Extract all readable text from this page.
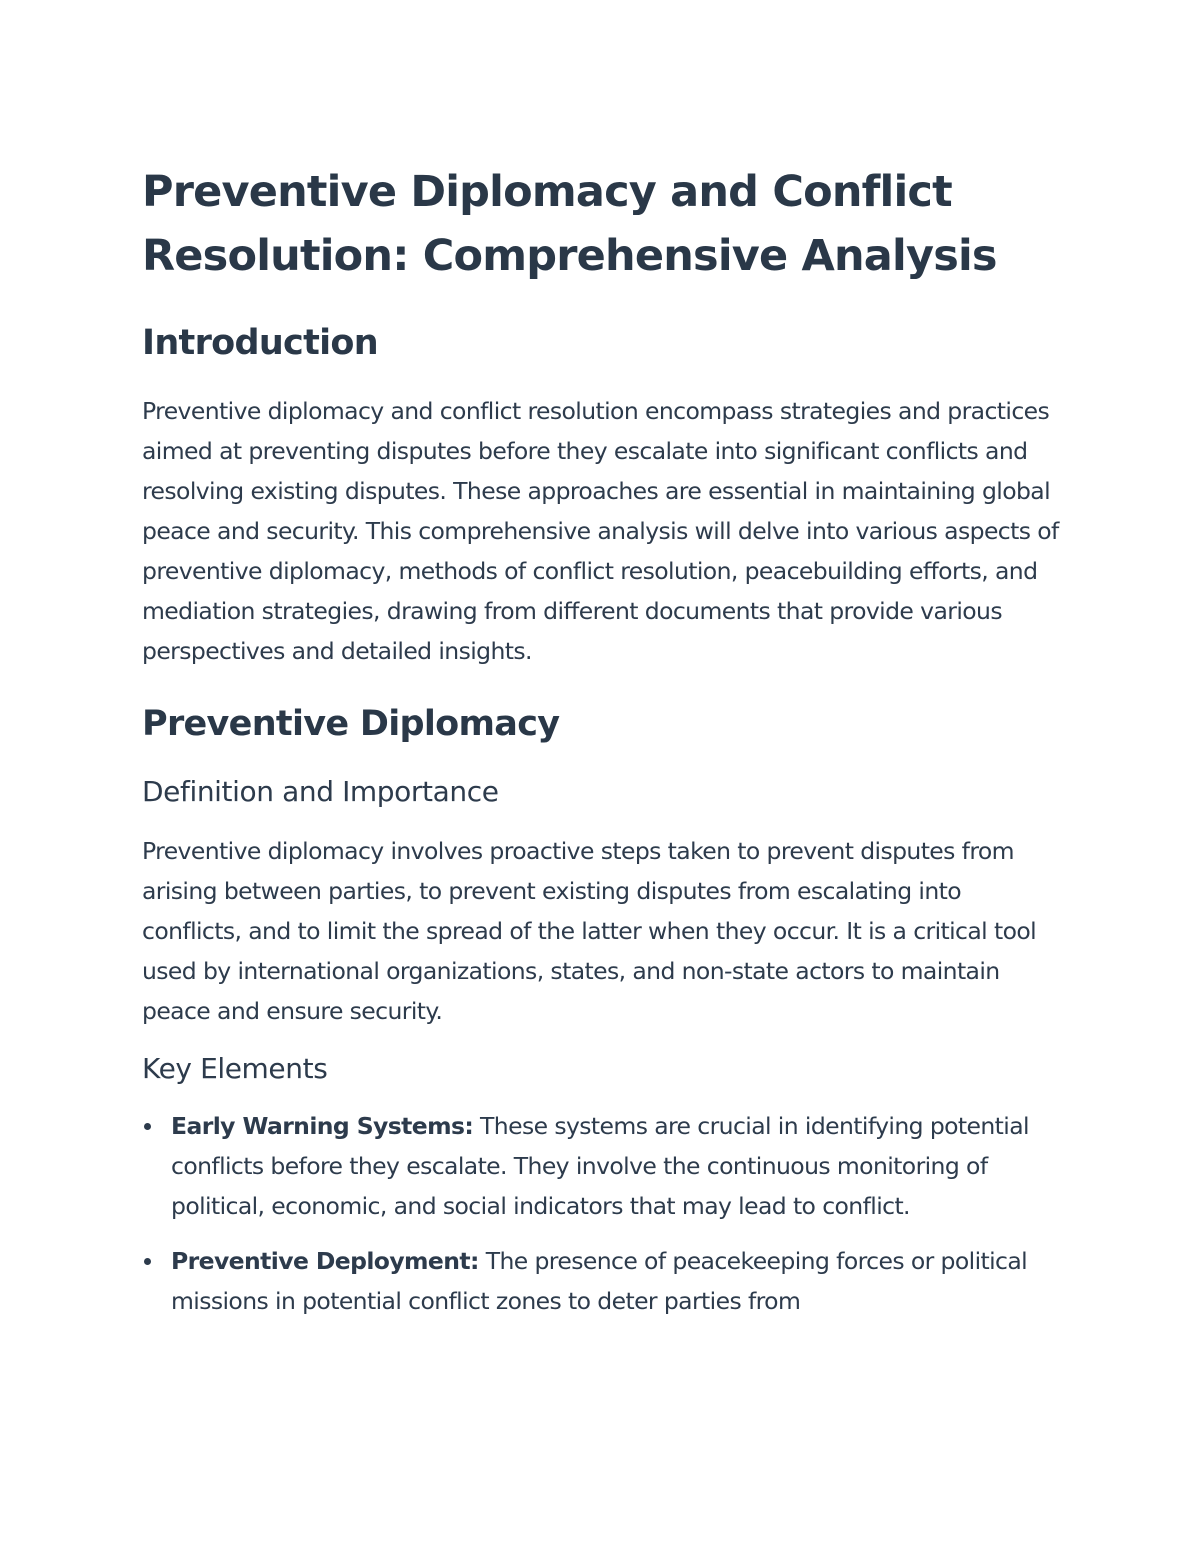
Preventive Diplomacy and Conflict Resolution: Comprehensive Analysis
Introduction

Preventive diplomacy and conflict resolution encompass strategies and practices aimed at preventing disputes before they escalate into significant conflicts and resolving existing disputes. These approaches are essential in maintaining global peace and security. This comprehensive analysis will delve into various aspects of preventive diplomacy, methods of conflict resolution, peacebuilding efforts, and mediation strategies, drawing from different documents that provide various perspectives and detailed insights.

Preventive Diplomacy
Definition and Importance

Preventive diplomacy involves proactive steps taken to prevent disputes from arising between parties, to prevent existing disputes from escalating into conflicts, and to limit the spread of the latter when they occur. It is a critical tool used by international organizations, states, and non-state actors to maintain peace and ensure security.

Key Elements
Early Warning Systems: These systems are crucial in identifying potential conflicts before they escalate. They involve the continuous monitoring of political, economic, and social indicators that may lead to conflict.
Preventive Deployment: The presence of peacekeeping forces or political missions in potential conflict zones to deter parties from
